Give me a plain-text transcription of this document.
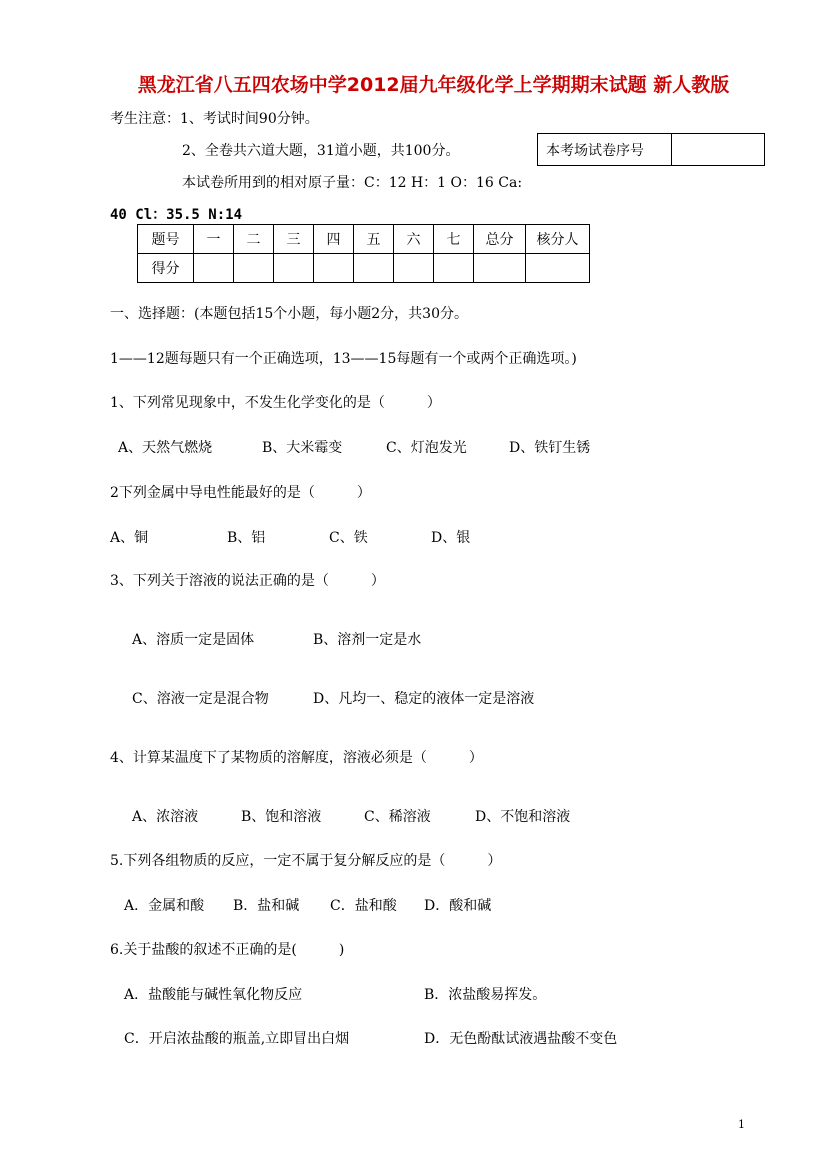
黑龙江省八五四农场中学2012届九年级化学上学期期末试题 新人教版
考生注意：1、考试时间90分钟。
2、全卷共六道大题，31道小题，共100分。
本试卷所用到的相对原子量：C：12 H：1 O：16 Ca:
40 Cl：35.5 N:14
本考场试卷序号	
题号	一	二	三	四	五	六	七	总分	核分人
得分									
一、选择题：(本题包括15个小题，每小题2分，共30分。
1——12题每题只有一个正确选项，13——15每题有一个或两个正确选项。)
1、下列常见现象中，不发生化学变化的是（　　　）
A、天然气燃烧	B、大米霉变	C、灯泡发光	D、铁钉生锈
2下列金属中导电性能最好的是（　　　）
A、铜	B、铝	C、铁	D、银
3、下列关于溶液的说法正确的是（　　　）
A、溶质一定是固体	B、溶剂一定是水
C、溶液一定是混合物	D、凡均一、稳定的液体一定是溶液
4、计算某温度下了某物质的溶解度，溶液必须是（　　　）
A、浓溶液	B、饱和溶液	C、稀溶液	D、不饱和溶液
5.下列各组物质的反应，一定不属于复分解反应的是（　　　）
A．金属和酸 B．盐和碱 C．盐和酸 D．酸和碱
6.关于盐酸的叙述不正确的是(　　　)
A．盐酸能与碱性氧化物反应	B．浓盐酸易挥发。
C．开启浓盐酸的瓶盖,立即冒出白烟	D．无色酚酞试液遇盐酸不变色
1
